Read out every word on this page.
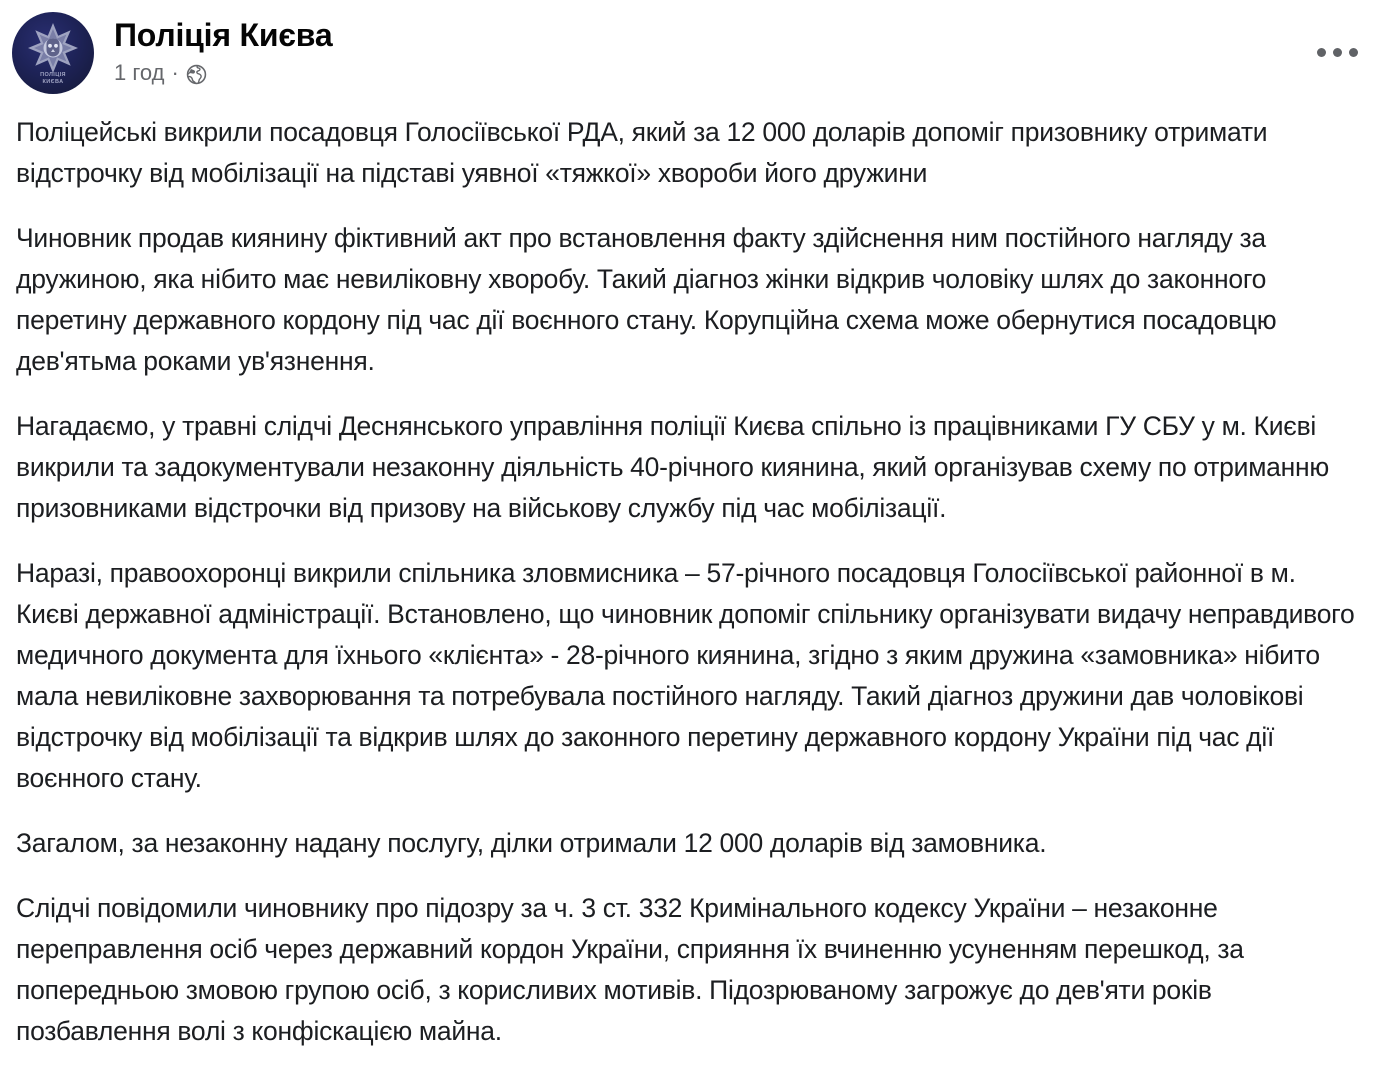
ПОЛІЦІЯ
КИЄВА
Поліція Києва
1 год ·

Поліцейські викрили посадовця Голосіївської РДА, який за 12 000 доларів допоміг призовнику отримати відстрочку від мобілізації на підставі уявної «тяжкої» хвороби його дружини

Чиновник продав киянину фіктивний акт про встановлення факту здійснення ним постійного нагляду за дружиною, яка нібито має невиліковну хворобу. Такий діагноз жінки відкрив чоловіку шлях до законного перетину державного кордону під час дії воєнного стану. Корупційна схема може обернутися посадовцю дев'ятьма роками ув'язнення.

Нагадаємо, у травні слідчі Деснянського управління поліції Києва спільно із працівниками ГУ СБУ у м. Києві викрили та задокументували незаконну діяльність 40-річного киянина, який організував схему по отриманню призовниками відстрочки від призову на військову службу під час мобілізації.

Наразі, правоохоронці викрили спільника зловмисника – 57-річного посадовця Голосіївської районної в м. Києві державної адміністрації. Встановлено, що чиновник допоміг спільнику організувати видачу неправдивого медичного документа для їхнього «клієнта» - 28-річного киянина, згідно з яким дружина «замовника» нібито мала невиліковне захворювання та потребувала постійного нагляду. Такий діагноз дружини дав чоловікові відстрочку від мобілізації та відкрив шлях до законного перетину державного кордону України під час дії воєнного стану.

Загалом, за незаконну надану послугу, ділки отримали 12 000 доларів від замовника.

Слідчі повідомили чиновнику про підозру за ч. 3 ст. 332 Кримінального кодексу України – незаконне переправлення осіб через державний кордон України, сприяння їх вчиненню усуненням перешкод, за попередньою змовою групою осіб, з корисливих мотивів. Підозрюваному загрожує до дев'яти років позбавлення волі з конфіскацією майна.
